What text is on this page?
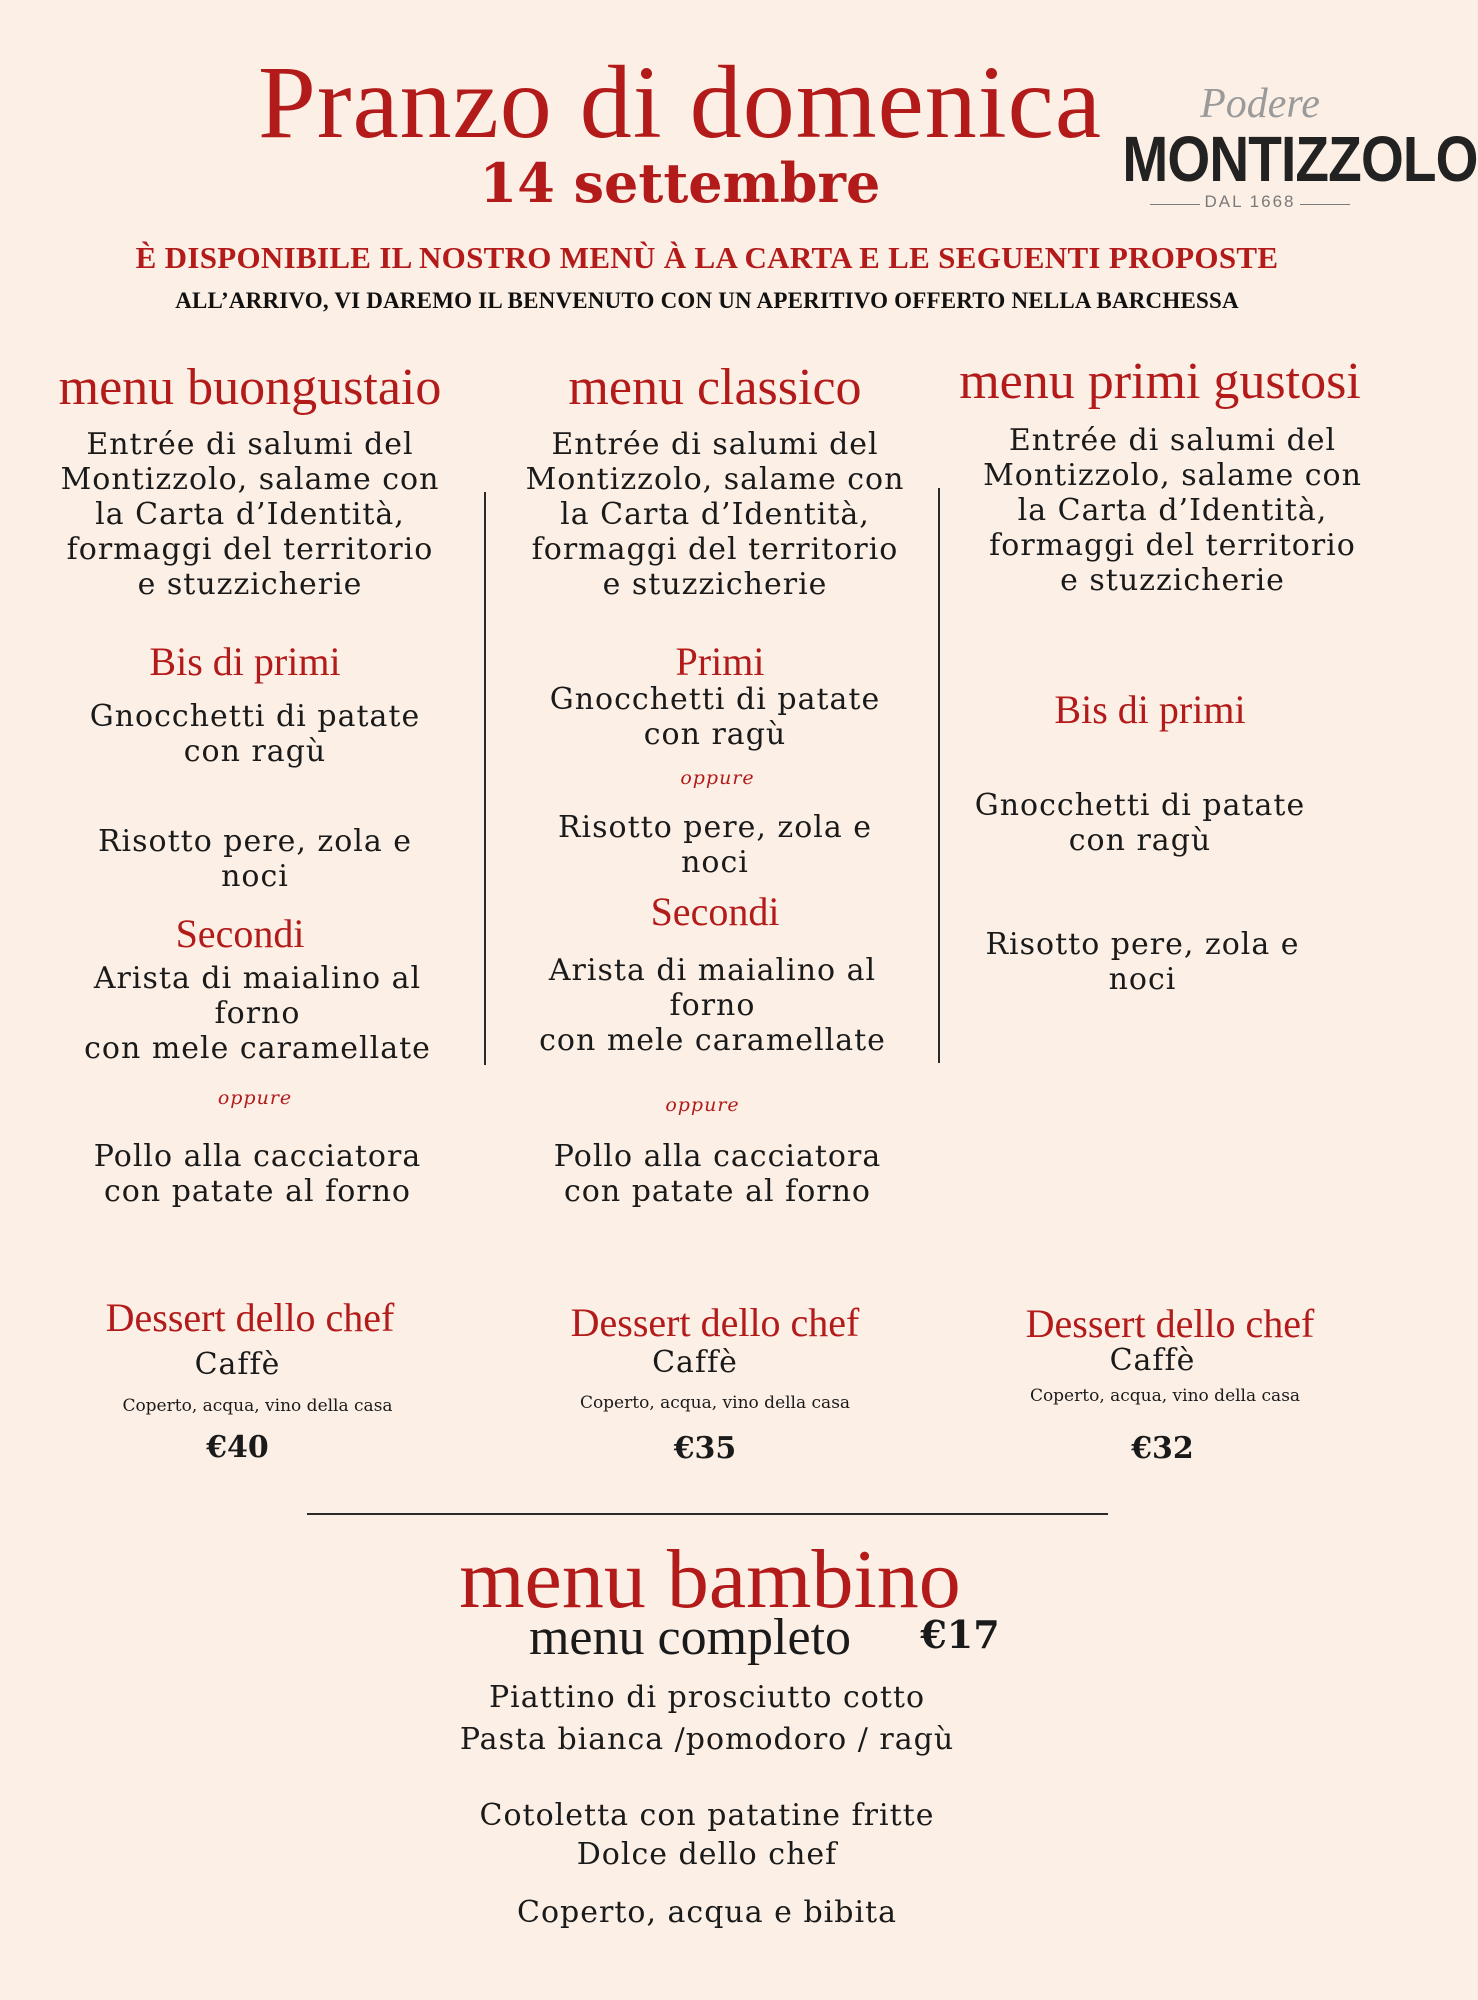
Pranzo di domenica
14 settembre
Podere
MONTIZZOLO
DAL 1668
È DISPONIBILE IL NOSTRO MENÙ À LA CARTA E LE SEGUENTI PROPOSTE
ALL’ARRIVO, VI DAREMO IL BENVENUTO CON UN APERITIVO OFFERTO NELLA BARCHESSA
menu buongustaio
Entrée di salumi del
Montizzolo, salame con
la Carta d’Identità,
formaggi del territorio
e stuzzicherie
Bis di primi
Gnocchetti di patate
con ragù
Risotto pere, zola e
noci
Secondi
Arista di maialino al
forno
con mele caramellate
oppure
Pollo alla cacciatora
con patate al forno
Dessert dello chef
Caffè
Coperto, acqua, vino della casa
€40
menu classico
Entrée di salumi del
Montizzolo, salame con
la Carta d’Identità,
formaggi del territorio
e stuzzicherie
Primi
Gnocchetti di patate
con ragù
oppure
Risotto pere, zola e
noci
Secondi
Arista di maialino al
forno
con mele caramellate
oppure
Pollo alla cacciatora
con patate al forno
Dessert dello chef
Caffè
Coperto, acqua, vino della casa
€35
menu primi gustosi
Entrée di salumi del
Montizzolo, salame con
la Carta d’Identità,
formaggi del territorio
e stuzzicherie
Bis di primi
Gnocchetti di patate
con ragù
Risotto pere, zola e
noci
Dessert dello chef
Caffè
Coperto, acqua, vino della casa
€32
menu bambino
menu completo	€17
Piattino di prosciutto cotto
Pasta bianca /pomodoro / ragù
Cotoletta con patatine fritte
Dolce dello chef
Coperto, acqua e bibita
